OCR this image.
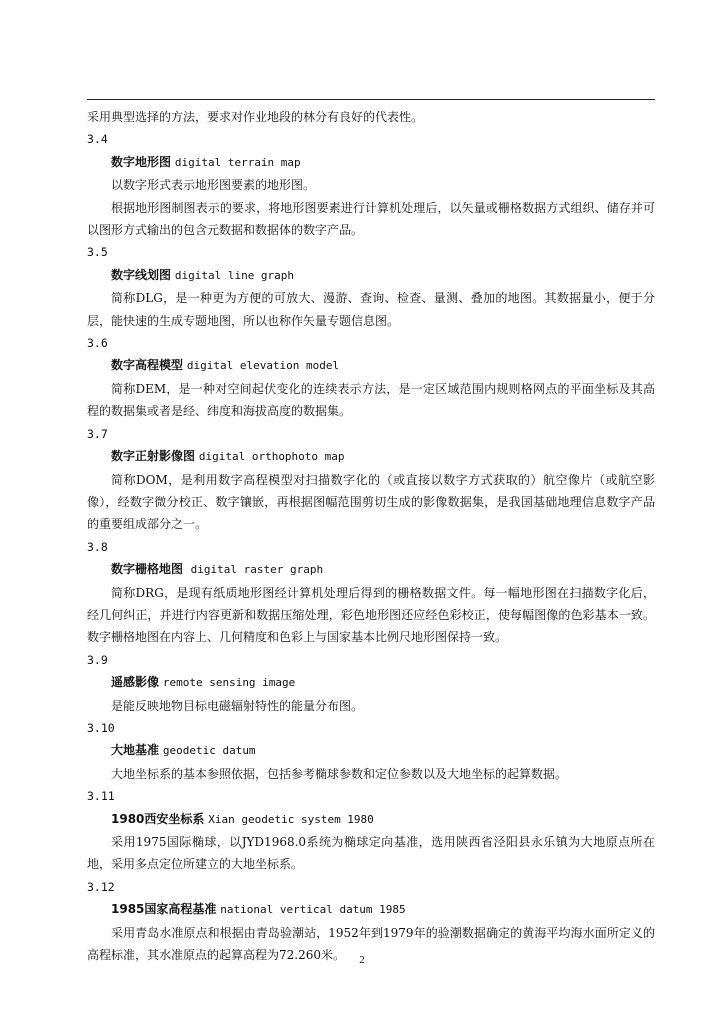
采用典型选择的方法，要求对作业地段的林分有良好的代表性。

3.4

数字地形图 digital terrain map

以数字形式表示地形图要素的地形图。

根据地形图制图表示的要求，将地形图要素进行计算机处理后，以矢量或栅格数据方式组织、储存并可以图形方式输出的包含元数据和数据体的数字产品。

3.5

数字线划图 digital line graph

简称DLG，是一种更为方便的可放大、漫游、查询、检查、量测、叠加的地图。其数据量小，便于分层，能快速的生成专题地图，所以也称作矢量专题信息图。

3.6

数字高程模型 digital elevation model

简称DEM，是一种对空间起伏变化的连续表示方法，是一定区域范围内规则格网点的平面坐标及其高程的数据集或者是经、纬度和海拔高度的数据集。

3.7

数字正射影像图 digital orthophoto map

简称DOM，是利用数字高程模型对扫描数字化的（或直接以数字方式获取的）航空像片（或航空影像），经数字微分校正、数字镶嵌，再根据图幅范围剪切生成的影像数据集，是我国基础地理信息数字产品的重要组成部分之一。

3.8

数字栅格地图 digital raster graph

简称DRG，是现有纸质地形图经计算机处理后得到的栅格数据文件。每一幅地形图在扫描数字化后，经几何纠正，并进行内容更新和数据压缩处理，彩色地形图还应经色彩校正，使每幅图像的色彩基本一致。数字栅格地图在内容上、几何精度和色彩上与国家基本比例尺地形图保持一致。

3.9

遥感影像 remote sensing image

是能反映地物目标电磁辐射特性的能量分布图。

3.10

大地基准 geodetic datum

大地坐标系的基本参照依据，包括参考椭球参数和定位参数以及大地坐标的起算数据。

3.11

1980西安坐标系 Xian geodetic system 1980

采用1975国际椭球，以JYD1968.0系统为椭球定向基准，选用陕西省泾阳县永乐镇为大地原点所在地，采用多点定位所建立的大地坐标系。

3.12

1985国家高程基准 national vertical datum 1985

采用青岛水准原点和根据由青岛验潮站，1952年到1979年的验潮数据确定的黄海平均海水面所定义的高程标准，其水准原点的起算高程为72.260米。	2
